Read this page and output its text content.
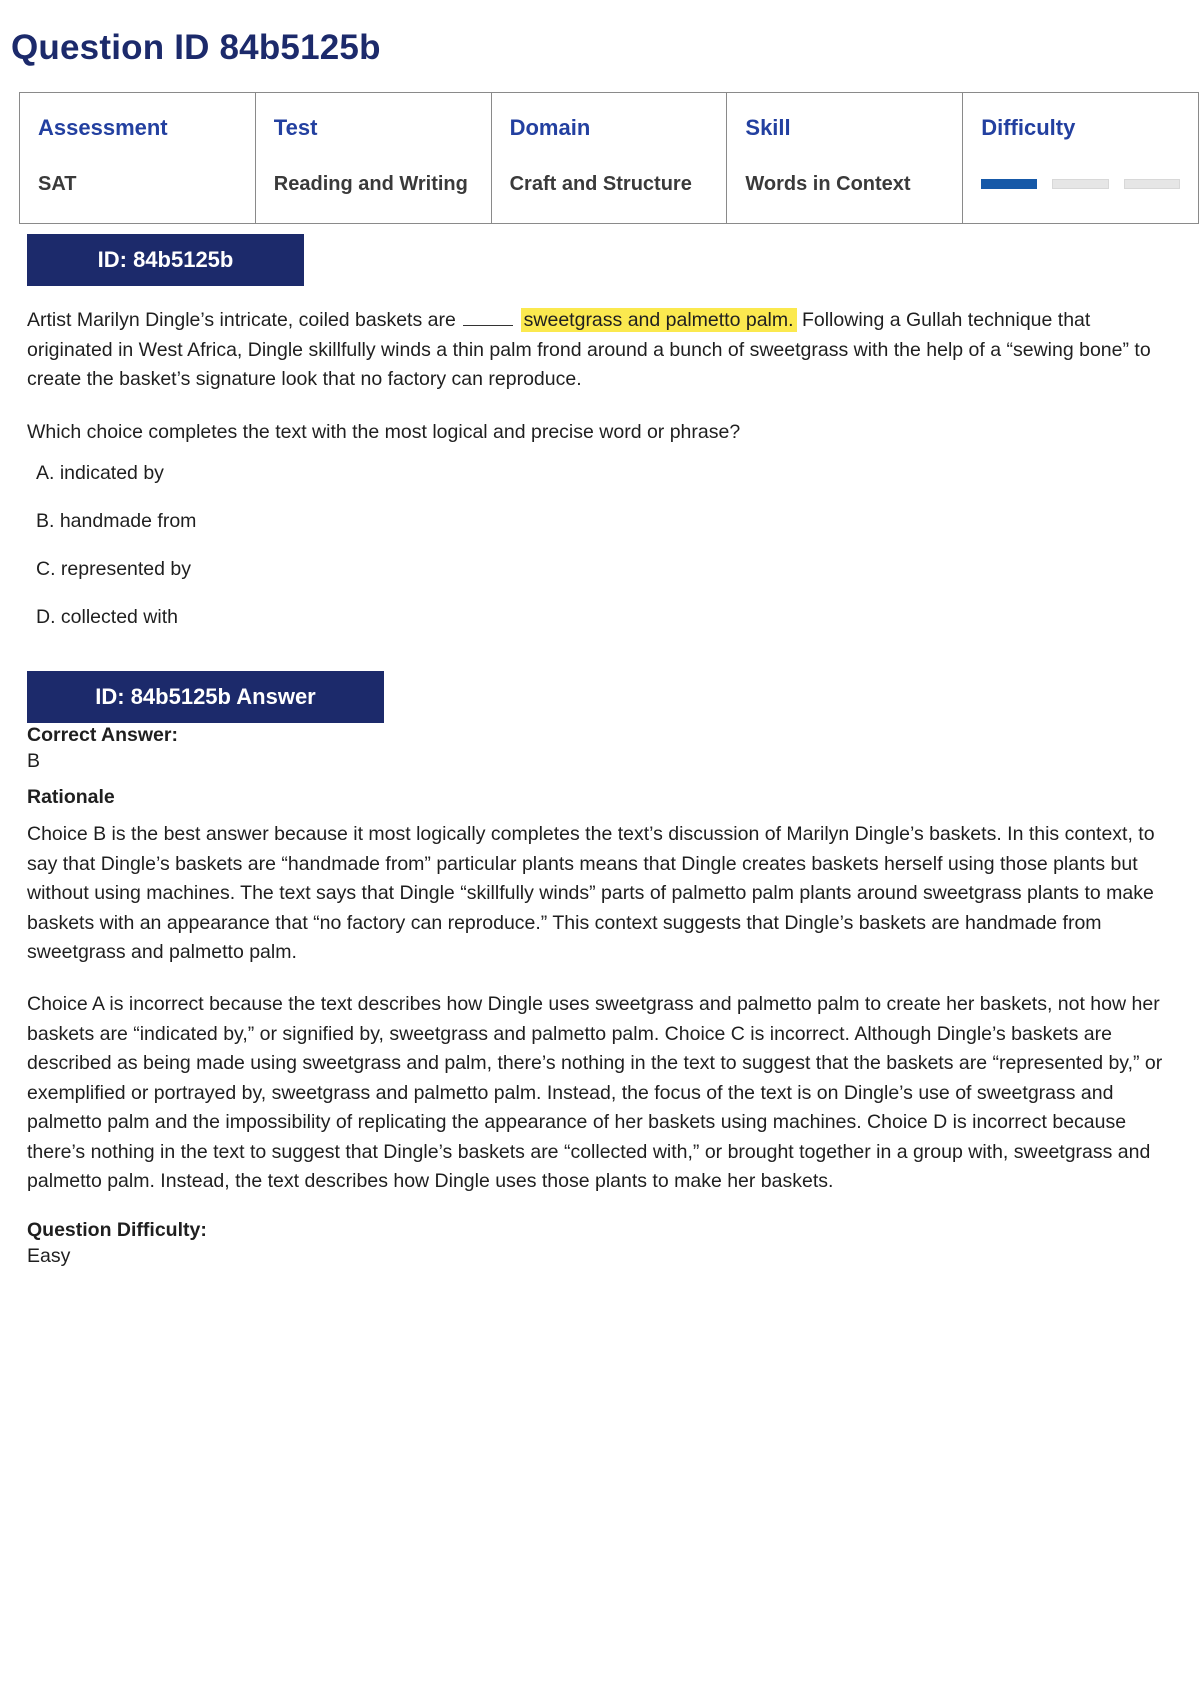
Question ID 84b5125b
Assessment
SAT

Test
Reading and Writing

Domain
Craft and Structure

Skill
Words in Context

Difficulty
ID: 84b5125b
Artist Marilyn Dingle’s intricate, coiled baskets are	sweetgrass and palmetto palm. Following a Gullah technique that originated in West Africa, Dingle skillfully winds a thin palm frond around a bunch of sweetgrass with the help of a “sewing bone” to create the basket’s signature look that no factory can reproduce.
Which choice completes the text with the most logical and precise word or phrase?
A. indicated by
B. handmade from
C. represented by
D. collected with
ID: 84b5125b Answer
Correct Answer:
B
Rationale
Choice B is the best answer because it most logically completes the text’s discussion of Marilyn Dingle’s baskets. In this context, to say that Dingle’s baskets are “handmade from” particular plants means that Dingle creates baskets herself using those plants but without using machines. The text says that Dingle “skillfully winds” parts of palmetto palm plants around sweetgrass plants to make baskets with an appearance that “no factory can reproduce.” This context suggests that Dingle’s baskets are handmade from sweetgrass and palmetto palm.
Choice A is incorrect because the text describes how Dingle uses sweetgrass and palmetto palm to create her baskets, not how her baskets are “indicated by,” or signified by, sweetgrass and palmetto palm. Choice C is incorrect. Although Dingle’s baskets are described as being made using sweetgrass and palm, there’s nothing in the text to suggest that the baskets are “represented by,” or exemplified or portrayed by, sweetgrass and palmetto palm. Instead, the focus of the text is on Dingle’s use of sweetgrass and palmetto palm and the impossibility of replicating the appearance of her baskets using machines. Choice D is incorrect because there’s nothing in the text to suggest that Dingle’s baskets are “collected with,” or brought together in a group with, sweetgrass and palmetto palm. Instead, the text describes how Dingle uses those plants to make her baskets.
Question Difficulty:
Easy
